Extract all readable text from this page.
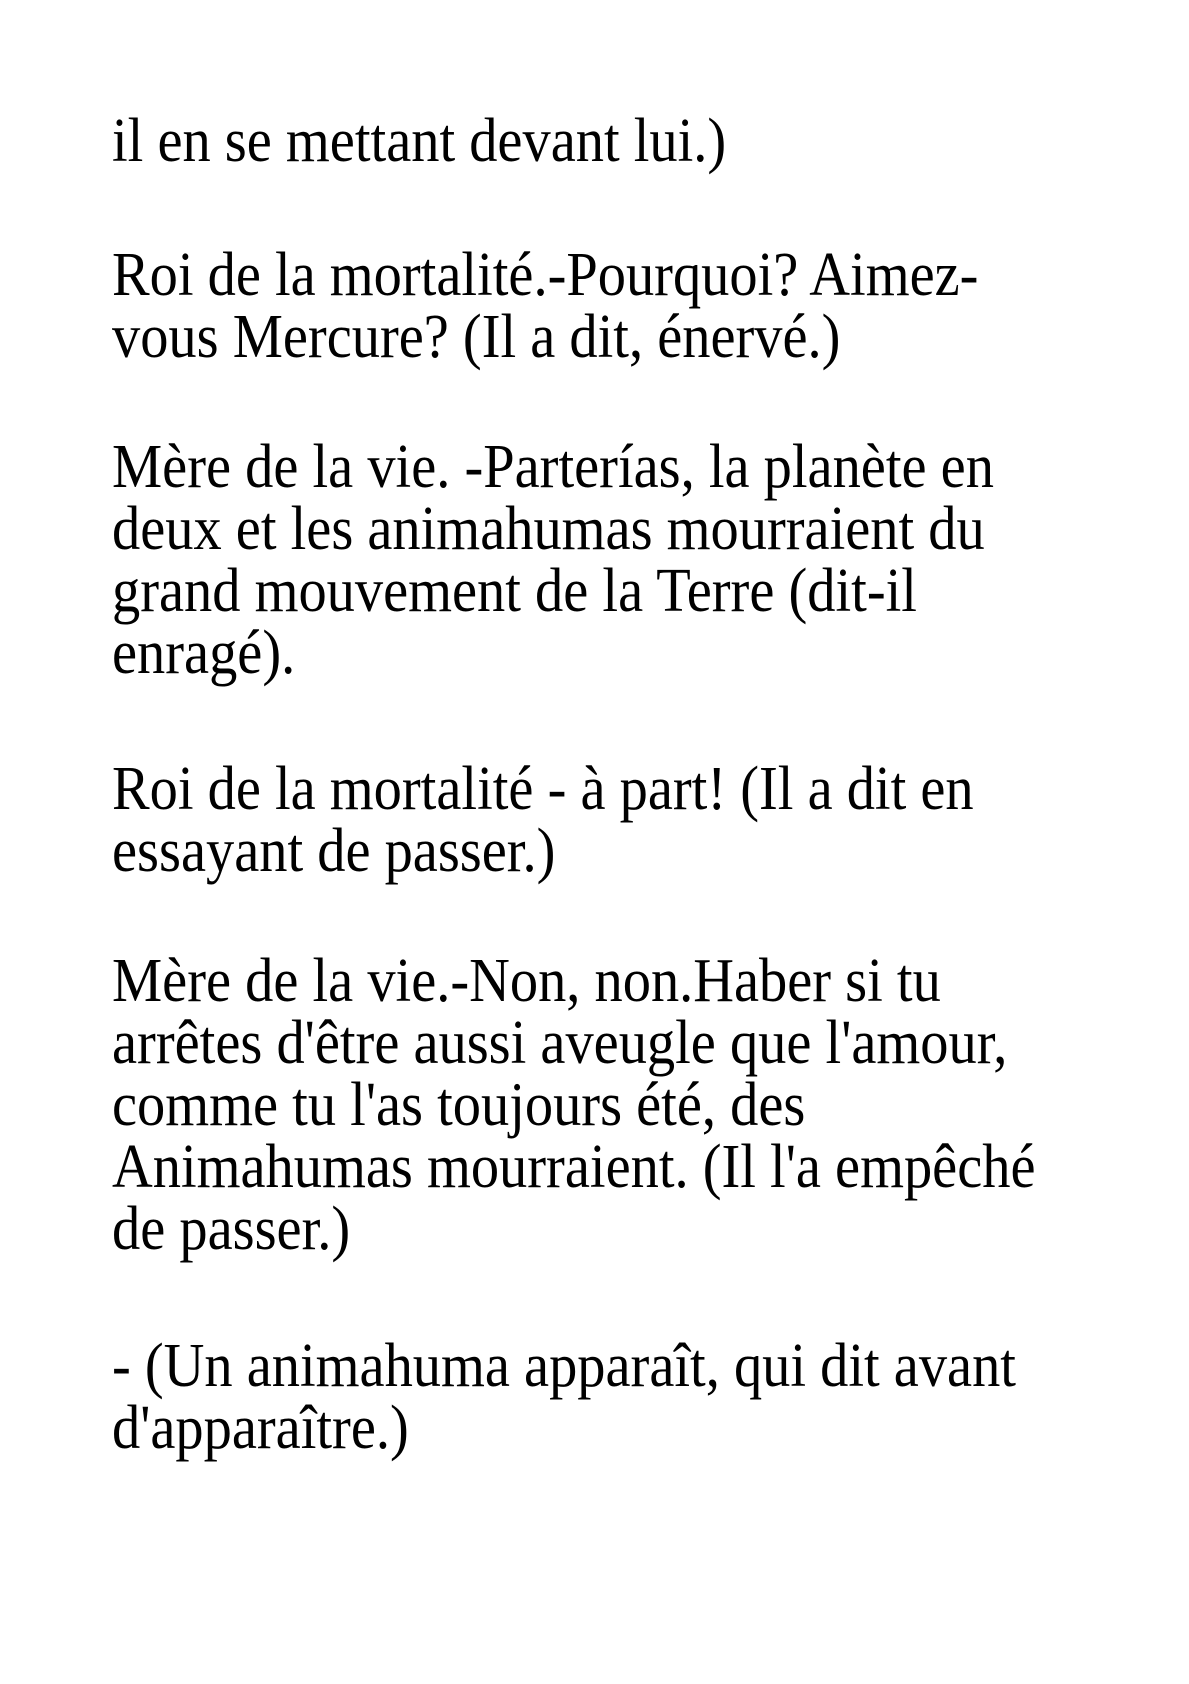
il en se mettant devant lui.)
Roi de la mortalité.-Pourquoi? Aimez-
vous Mercure? (Il a dit, énervé.)
Mère de la vie. -Parterías, la planète en
deux et les animahumas mourraient du
grand mouvement de la Terre (dit-il
enragé).
Roi de la mortalité - à part! (Il a dit en
essayant de passer.)
Mère de la vie.-Non, non.Haber si tu
arrêtes d'être aussi aveugle que l'amour,
comme tu l'as toujours été, des
Animahumas mourraient. (Il l'a empêché
de passer.)
- (Un animahuma apparaît, qui dit avant
d'apparaître.)
